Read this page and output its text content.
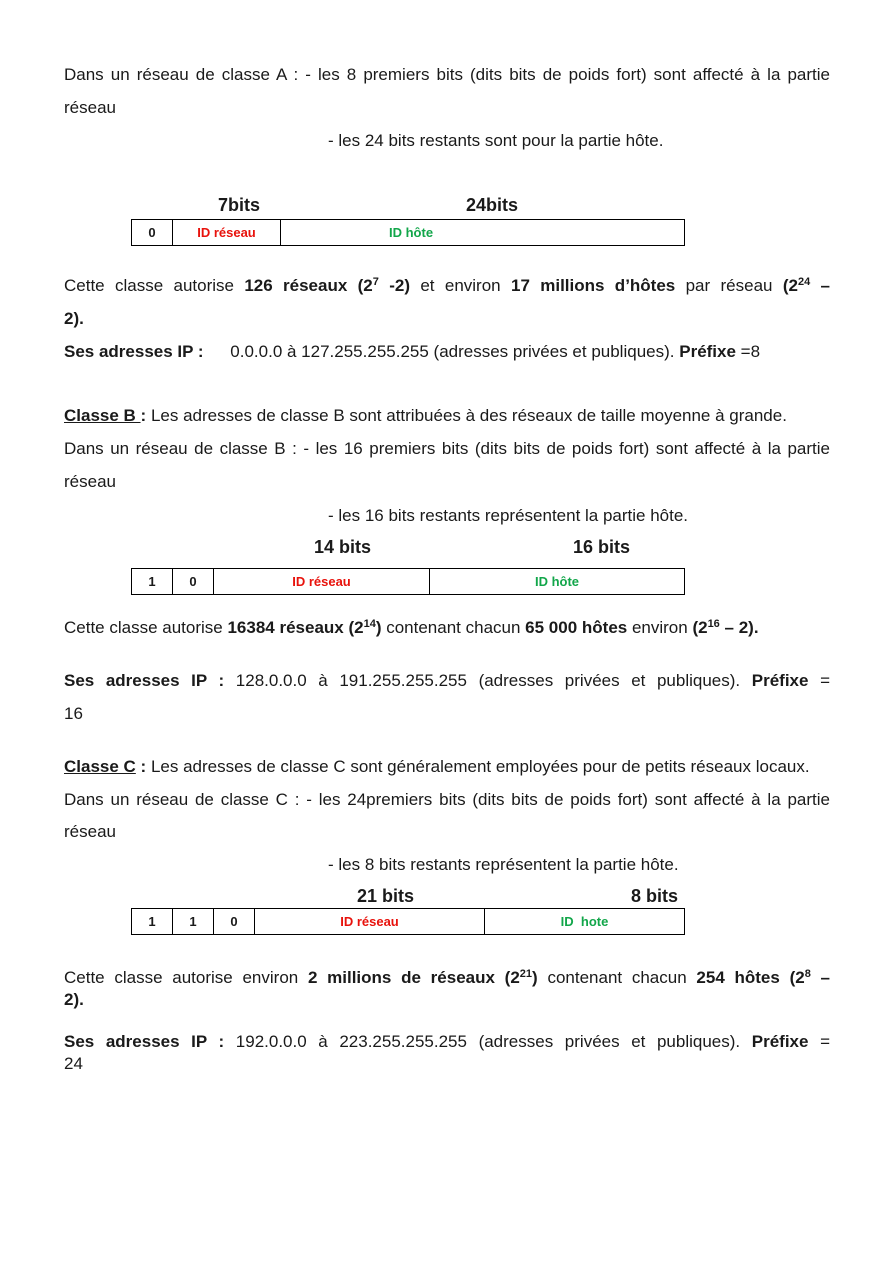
Dans un réseau de classe A : - les 8 premiers bits (dits bits de poids fort) sont affecté à la partie
réseau
- les 24 bits restants sont pour la partie hôte.
7bits	24bits
0	ID réseau	ID hôte
Cette classe autorise 126 réseaux ($2^7$ -2) et environ 17 millions d’hôtes par réseau ($2^{24}$ –
2).
Ses adresses IP : 0.0.0.0 à 127.255.255.255 (adresses privées et publiques). Préfixe =8
Classe B : Les adresses de classe B sont attribuées à des réseaux de taille moyenne à grande.
Dans un réseau de classe B : - les 16 premiers bits (dits bits de poids fort) sont affecté à la partie
réseau
- les 16 bits restants représentent la partie hôte.
14 bits	16 bits
1	0	ID réseau	ID hôte
Cette classe autorise 16384 réseaux $(2^{14})$ contenant chacun 65 000 hôtes environ $(2^{16} - 2)$.
Ses adresses IP : 128.0.0.0 à 191.255.255.255 (adresses privées et publiques). Préfixe =
16
Classe C : Les adresses de classe C sont généralement employées pour de petits réseaux locaux.
Dans un réseau de classe C : - les 24premiers bits (dits bits de poids fort) sont affecté à la partie
réseau
- les 8 bits restants représentent la partie hôte.
21 bits	8 bits
1	1	0	ID réseau	ID  hote
Cette classe autorise environ 2 millions de réseaux $(2^{21})$ contenant chacun 254 hôtes ($2^8$ –
2).
Ses adresses IP : 192.0.0.0 à 223.255.255.255 (adresses privées et publiques). Préfixe =
24
